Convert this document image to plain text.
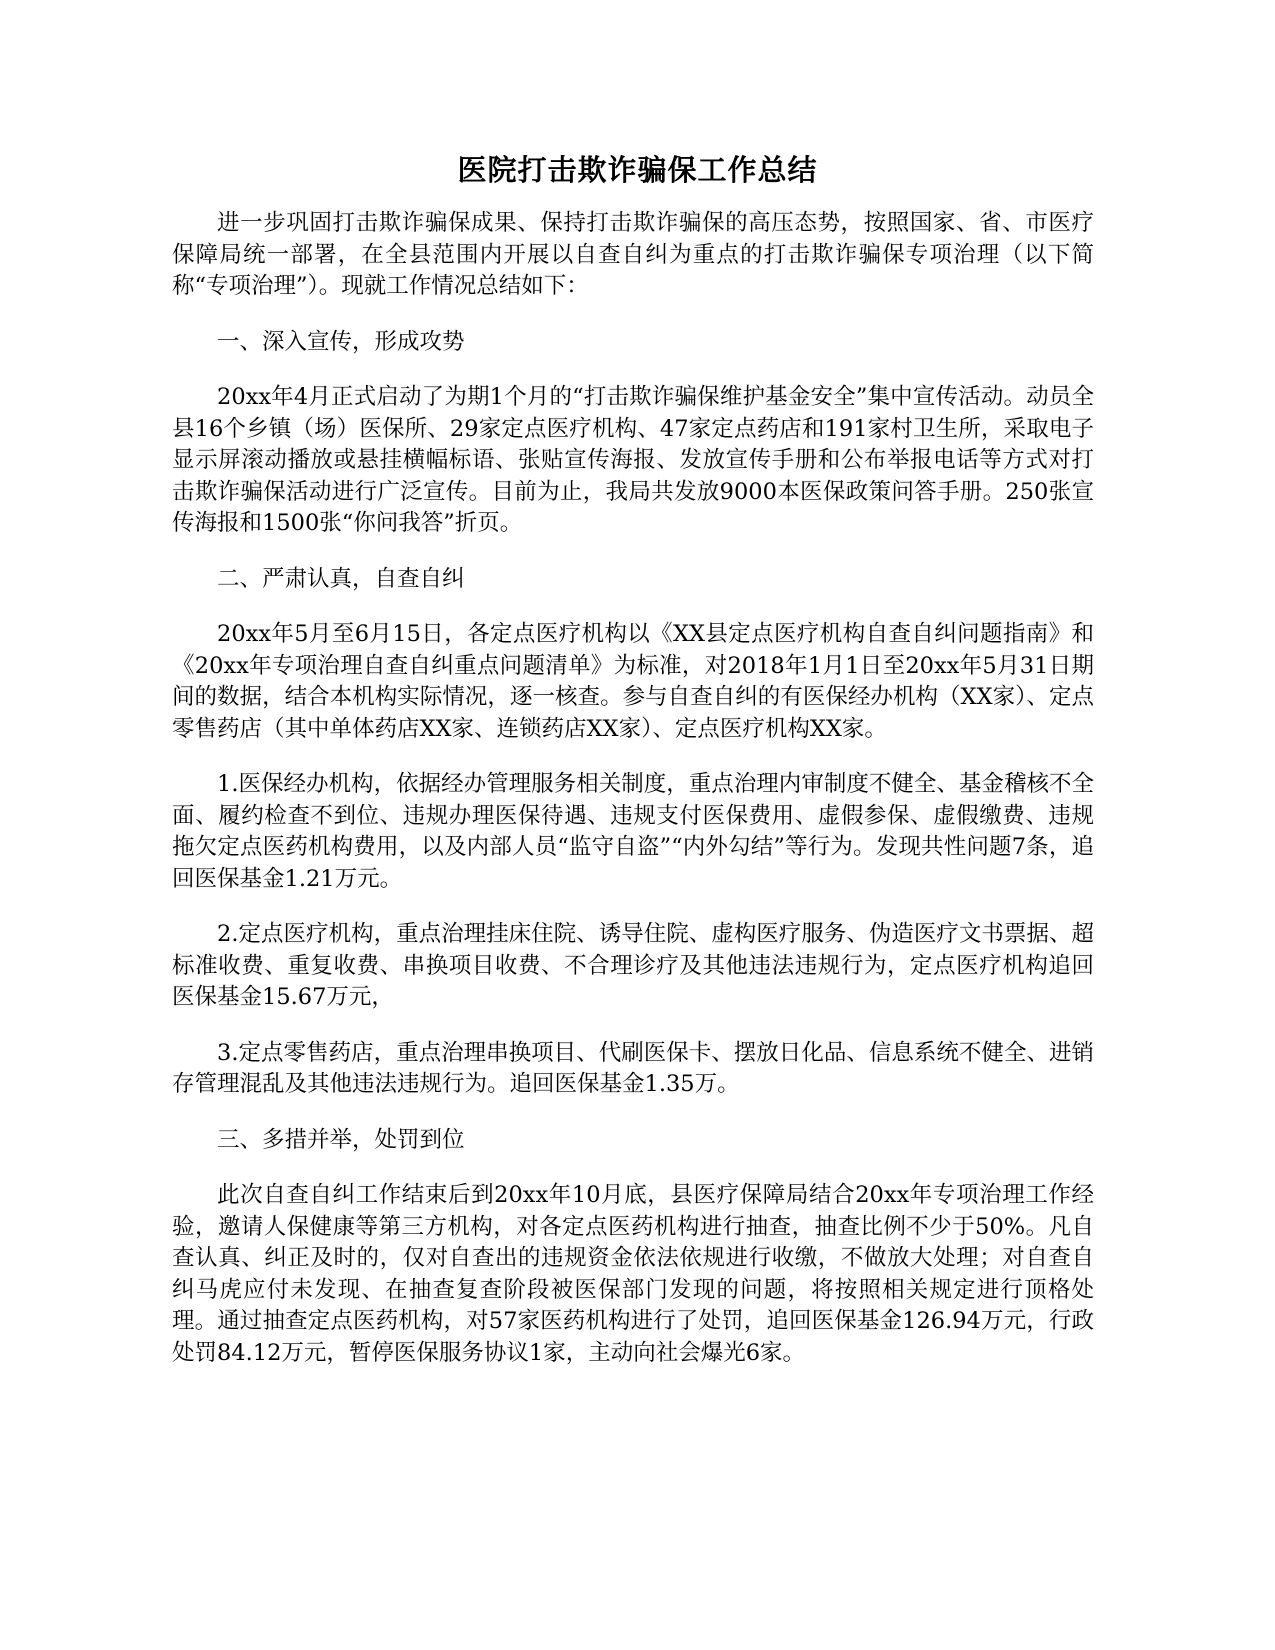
医院打击欺诈骗保工作总结

进一步巩固打击欺诈骗保成果、保持打击欺诈骗保的高压态势，按照国家、省、市医疗保障局统一部署，在全县范围内开展以自查自纠为重点的打击欺诈骗保专项治理（以下简称“专项治理”）。现就工作情况总结如下：

一、深入宣传，形成攻势

20xx年4月正式启动了为期1个月的“打击欺诈骗保维护基金安全”集中宣传活动。动员全县16个乡镇（场）医保所、29家定点医疗机构、47家定点药店和191家村卫生所，采取电子显示屏滚动播放或悬挂横幅标语、张贴宣传海报、发放宣传手册和公布举报电话等方式对打击欺诈骗保活动进行广泛宣传。目前为止，我局共发放9000本医保政策问答手册。250张宣传海报和1500张“你问我答”折页。

二、严肃认真，自查自纠

20xx年5月至6月15日，各定点医疗机构以《XX县定点医疗机构自查自纠问题指南》和《20xx年专项治理自查自纠重点问题清单》为标准，对2018年1月1日至20xx年5月31日期间的数据，结合本机构实际情况，逐一核查。参与自查自纠的有医保经办机构（XX家）、定点零售药店（其中单体药店XX家、连锁药店XX家）、定点医疗机构XX家。

1.医保经办机构，依据经办管理服务相关制度，重点治理内审制度不健全、基金稽核不全面、履约检查不到位、违规办理医保待遇、违规支付医保费用、虚假参保、虚假缴费、违规拖欠定点医药机构费用，以及内部人员“监守自盗”“内外勾结”等行为。发现共性问题7条，追回医保基金1.21万元。

2.定点医疗机构，重点治理挂床住院、诱导住院、虚构医疗服务、伪造医疗文书票据、超标准收费、重复收费、串换项目收费、不合理诊疗及其他违法违规行为，定点医疗机构追回医保基金15.67万元，

3.定点零售药店，重点治理串换项目、代刷医保卡、摆放日化品、信息系统不健全、进销存管理混乱及其他违法违规行为。追回医保基金1.35万。

三、多措并举，处罚到位

此次自查自纠工作结束后到20xx年10月底，县医疗保障局结合20xx年专项治理工作经验，邀请人保健康等第三方机构，对各定点医药机构进行抽查，抽查比例不少于50%。凡自查认真、纠正及时的，仅对自查出的违规资金依法依规进行收缴，不做放大处理；对自查自纠马虎应付未发现、在抽查复查阶段被医保部门发现的问题，将按照相关规定进行顶格处理。通过抽查定点医药机构，对57家医药机构进行了处罚，追回医保基金126.94万元，行政处罚84.12万元，暂停医保服务协议1家，主动向社会爆光6家。
